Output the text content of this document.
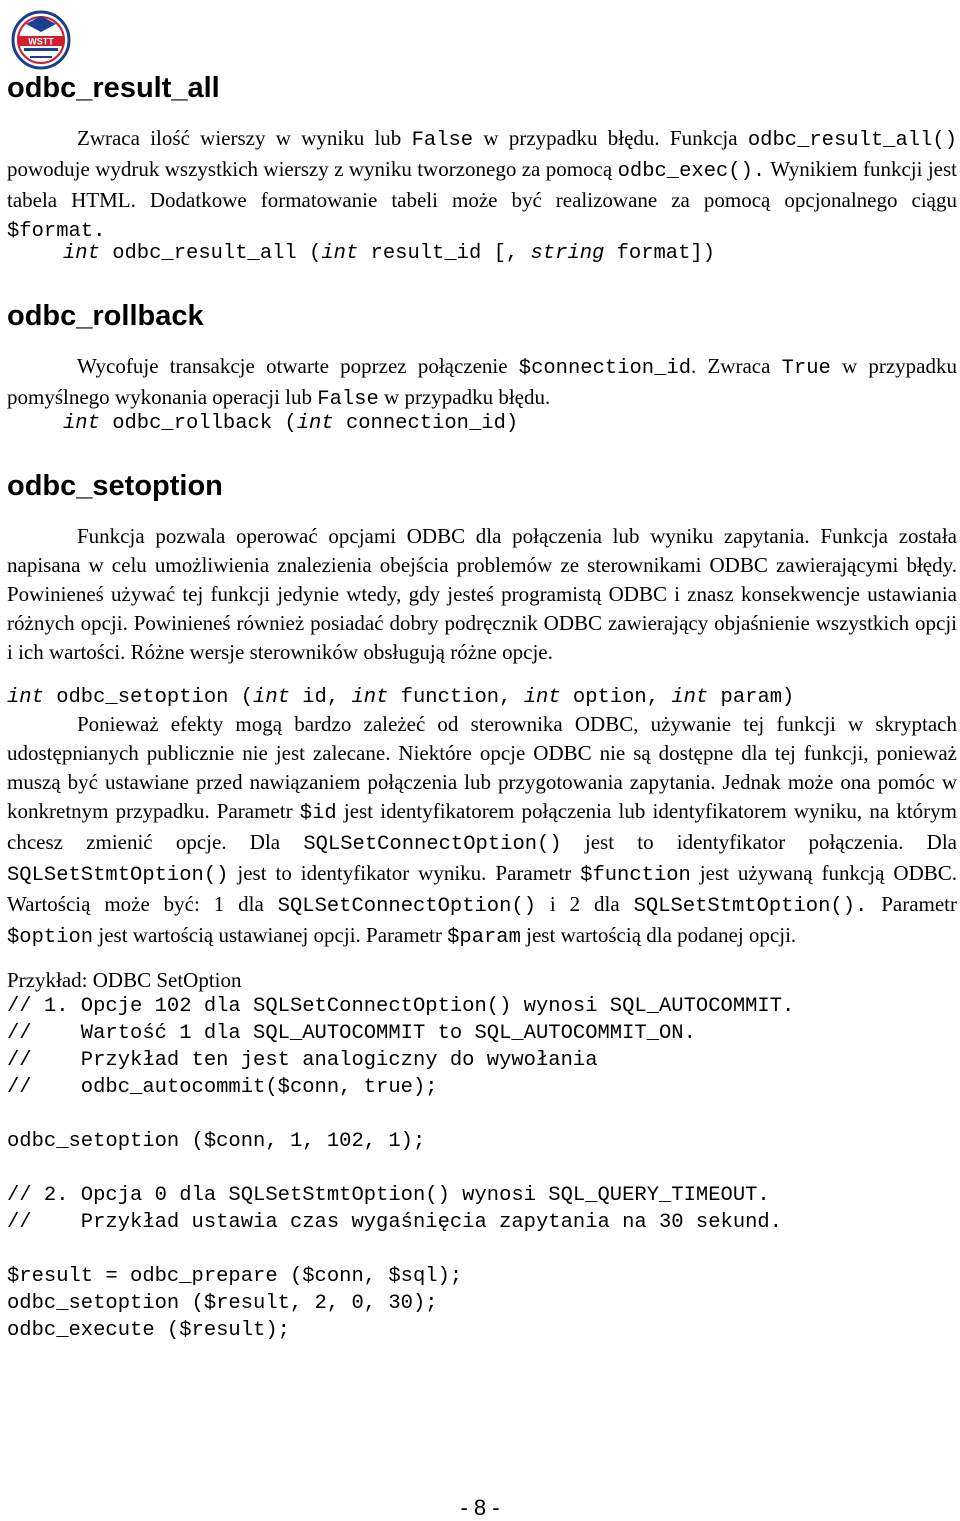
WSTT
odbc_result_all

Zwraca ilość wierszy w wyniku lub False w przypadku błędu. Funkcja odbc_result_all() powoduje wydruk wszystkich wierszy z wyniku tworzonego za pomocą odbc_exec(). Wynikiem funkcji jest tabela HTML. Dodatkowe formatowanie tabeli może być realizowane za pomocą opcjonalnego ciągu $format.

int odbc_result_all (int result_id [, string format])
odbc_rollback

Wycofuje transakcje otwarte poprzez połączenie $connection_id. Zwraca True w przypadku pomyślnego wykonania operacji lub False w przypadku błędu.

int odbc_rollback (int connection_id)
odbc_setoption

Funkcja pozwala operować opcjami ODBC dla połączenia lub wyniku zapytania. Funkcja została napisana w celu umożliwienia znalezienia obejścia problemów ze sterownikami ODBC zawierającymi błędy. Powinieneś używać tej funkcji jedynie wtedy, gdy jesteś programistą ODBC i znasz konsekwencje ustawiania różnych opcji. Powinieneś również posiadać dobry podręcznik ODBC zawierający objaśnienie wszystkich opcji i ich wartości. Różne wersje sterowników obsługują różne opcje.

int odbc_setoption (int id, int function, int option, int param)

Ponieważ efekty mogą bardzo zależeć od sterownika ODBC, używanie tej funkcji w skryptach udostępnianych publicznie nie jest zalecane. Niektóre opcje ODBC nie są dostępne dla tej funkcji, ponieważ muszą być ustawiane przed nawiązaniem połączenia lub przygotowania zapytania. Jednak może ona pomóc w konkretnym przypadku. Parametr $id jest identyfikatorem połączenia lub identyfikatorem wyniku, na którym chcesz zmienić opcje. Dla SQLSetConnectOption() jest to identyfikator połączenia. Dla SQLSetStmtOption() jest to identyfikator wyniku. Parametr $function jest używaną funkcją ODBC. Wartością może być: 1 dla SQLSetConnectOption() i 2 dla SQLSetStmtOption(). Parametr $option jest wartością ustawianej opcji. Parametr $param jest wartością dla podanej opcji.

Przykład: ODBC SetOption

// 1. Opcje 102 dla SQLSetConnectOption() wynosi SQL_AUTOCOMMIT.
//    Wartość 1 dla SQL_AUTOCOMMIT to SQL_AUTOCOMMIT_ON.
//    Przykład ten jest analogiczny do wywołania
//    odbc_autocommit($conn, true);
odbc_setoption ($conn, 1, 102, 1);
// 2. Opcja 0 dla SQLSetStmtOption() wynosi SQL_QUERY_TIMEOUT.
//    Przykład ustawia czas wygaśnięcia zapytania na 30 sekund.
$result = odbc_prepare ($conn, $sql);
odbc_setoption ($result, 2, 0, 30);
odbc_execute ($result);
- 8 -
